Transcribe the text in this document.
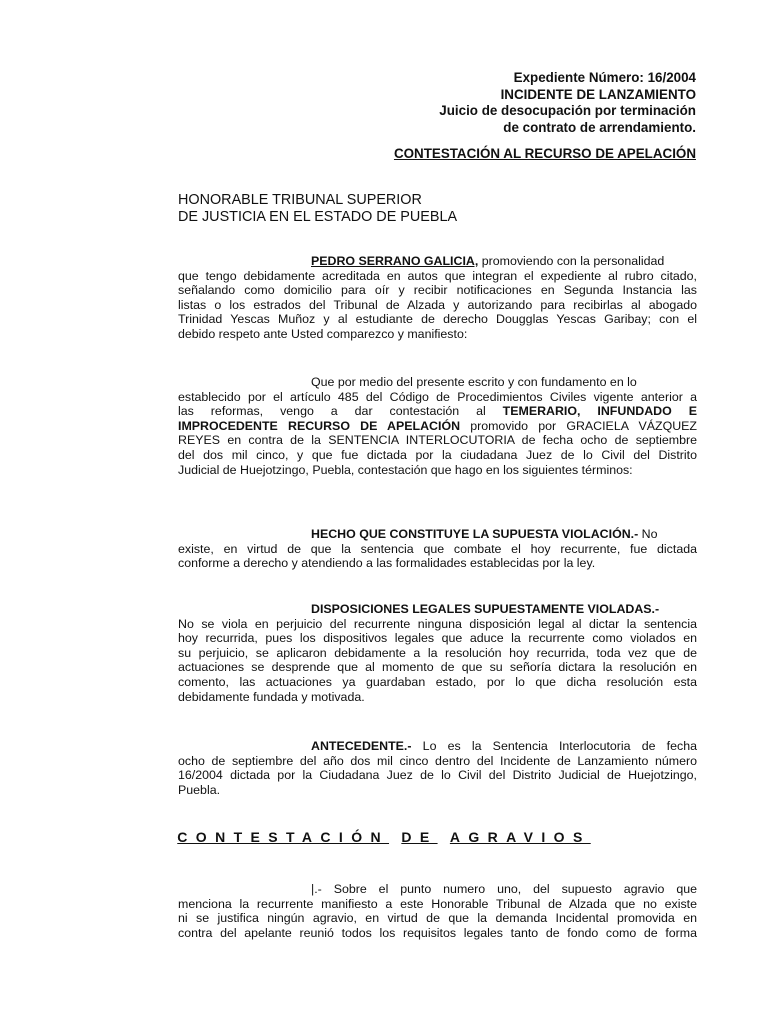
Expediente Número: 16/2004
INCIDENTE DE LANZAMIENTO
Juicio de desocupación por terminación
de contrato de arrendamiento.
CONTESTACIÓN AL RECURSO DE APELACIÓN
HONORABLE TRIBUNAL SUPERIOR
DE JUSTICIA EN EL ESTADO DE PUEBLA
PEDRO SERRANO GALICIA, promoviendo con la personalidad
que tengo debidamente acreditada en autos que integran el expediente al rubro citado,
señalando como domicilio para oír y recibir notificaciones en Segunda Instancia las
listas o los estrados del Tribunal de Alzada y autorizando para recibirlas al abogado
Trinidad Yescas Muñoz y al estudiante de derecho Dougglas Yescas Garibay; con el
debido respeto ante Usted comparezco y manifiesto:
Que por medio del presente escrito y con fundamento en lo
establecido por el artículo 485 del Código de Procedimientos Civiles vigente anterior a
las reformas, vengo a dar contestación al TEMERARIO, INFUNDADO E
IMPROCEDENTE RECURSO DE APELACIÓN promovido por GRACIELA VÁZQUEZ
REYES en contra de la SENTENCIA INTERLOCUTORIA de fecha ocho de septiembre
del dos mil cinco, y que fue dictada por la ciudadana Juez de lo Civil del Distrito
Judicial de Huejotzingo, Puebla, contestación que hago en los siguientes términos:
HECHO QUE CONSTITUYE LA SUPUESTA VIOLACIÓN.- No
existe, en virtud de que la sentencia que combate el hoy recurrente, fue dictada
conforme a derecho y atendiendo a las formalidades establecidas por la ley.
DISPOSICIONES LEGALES SUPUESTAMENTE VIOLADAS.-
No se viola en perjuicio del recurrente ninguna disposición legal al dictar la sentencia
hoy recurrida, pues los dispositivos legales que aduce la recurrente como violados en
su perjuicio, se aplicaron debidamente a la resolución hoy recurrida, toda vez que de
actuaciones se desprende que al momento de que su señoría dictara la resolución en
comento, las actuaciones ya guardaban estado, por lo que dicha resolución esta
debidamente fundada y motivada.
ANTECEDENTE.- Lo es la Sentencia Interlocutoria de fecha
ocho de septiembre del año dos mil cinco dentro del Incidente de Lanzamiento número
16/2004 dictada por la Ciudadana Juez de lo Civil del Distrito Judicial de Huejotzingo,
Puebla.
CONTESTACIÓN DE AGRAVIOS
|.- Sobre el punto numero uno, del supuesto agravio que
menciona la recurrente manifiesto a este Honorable Tribunal de Alzada que no existe
ni se justifica ningún agravio, en virtud de que la demanda Incidental promovida en
contra del apelante reunió todos los requisitos legales tanto de fondo como de forma
